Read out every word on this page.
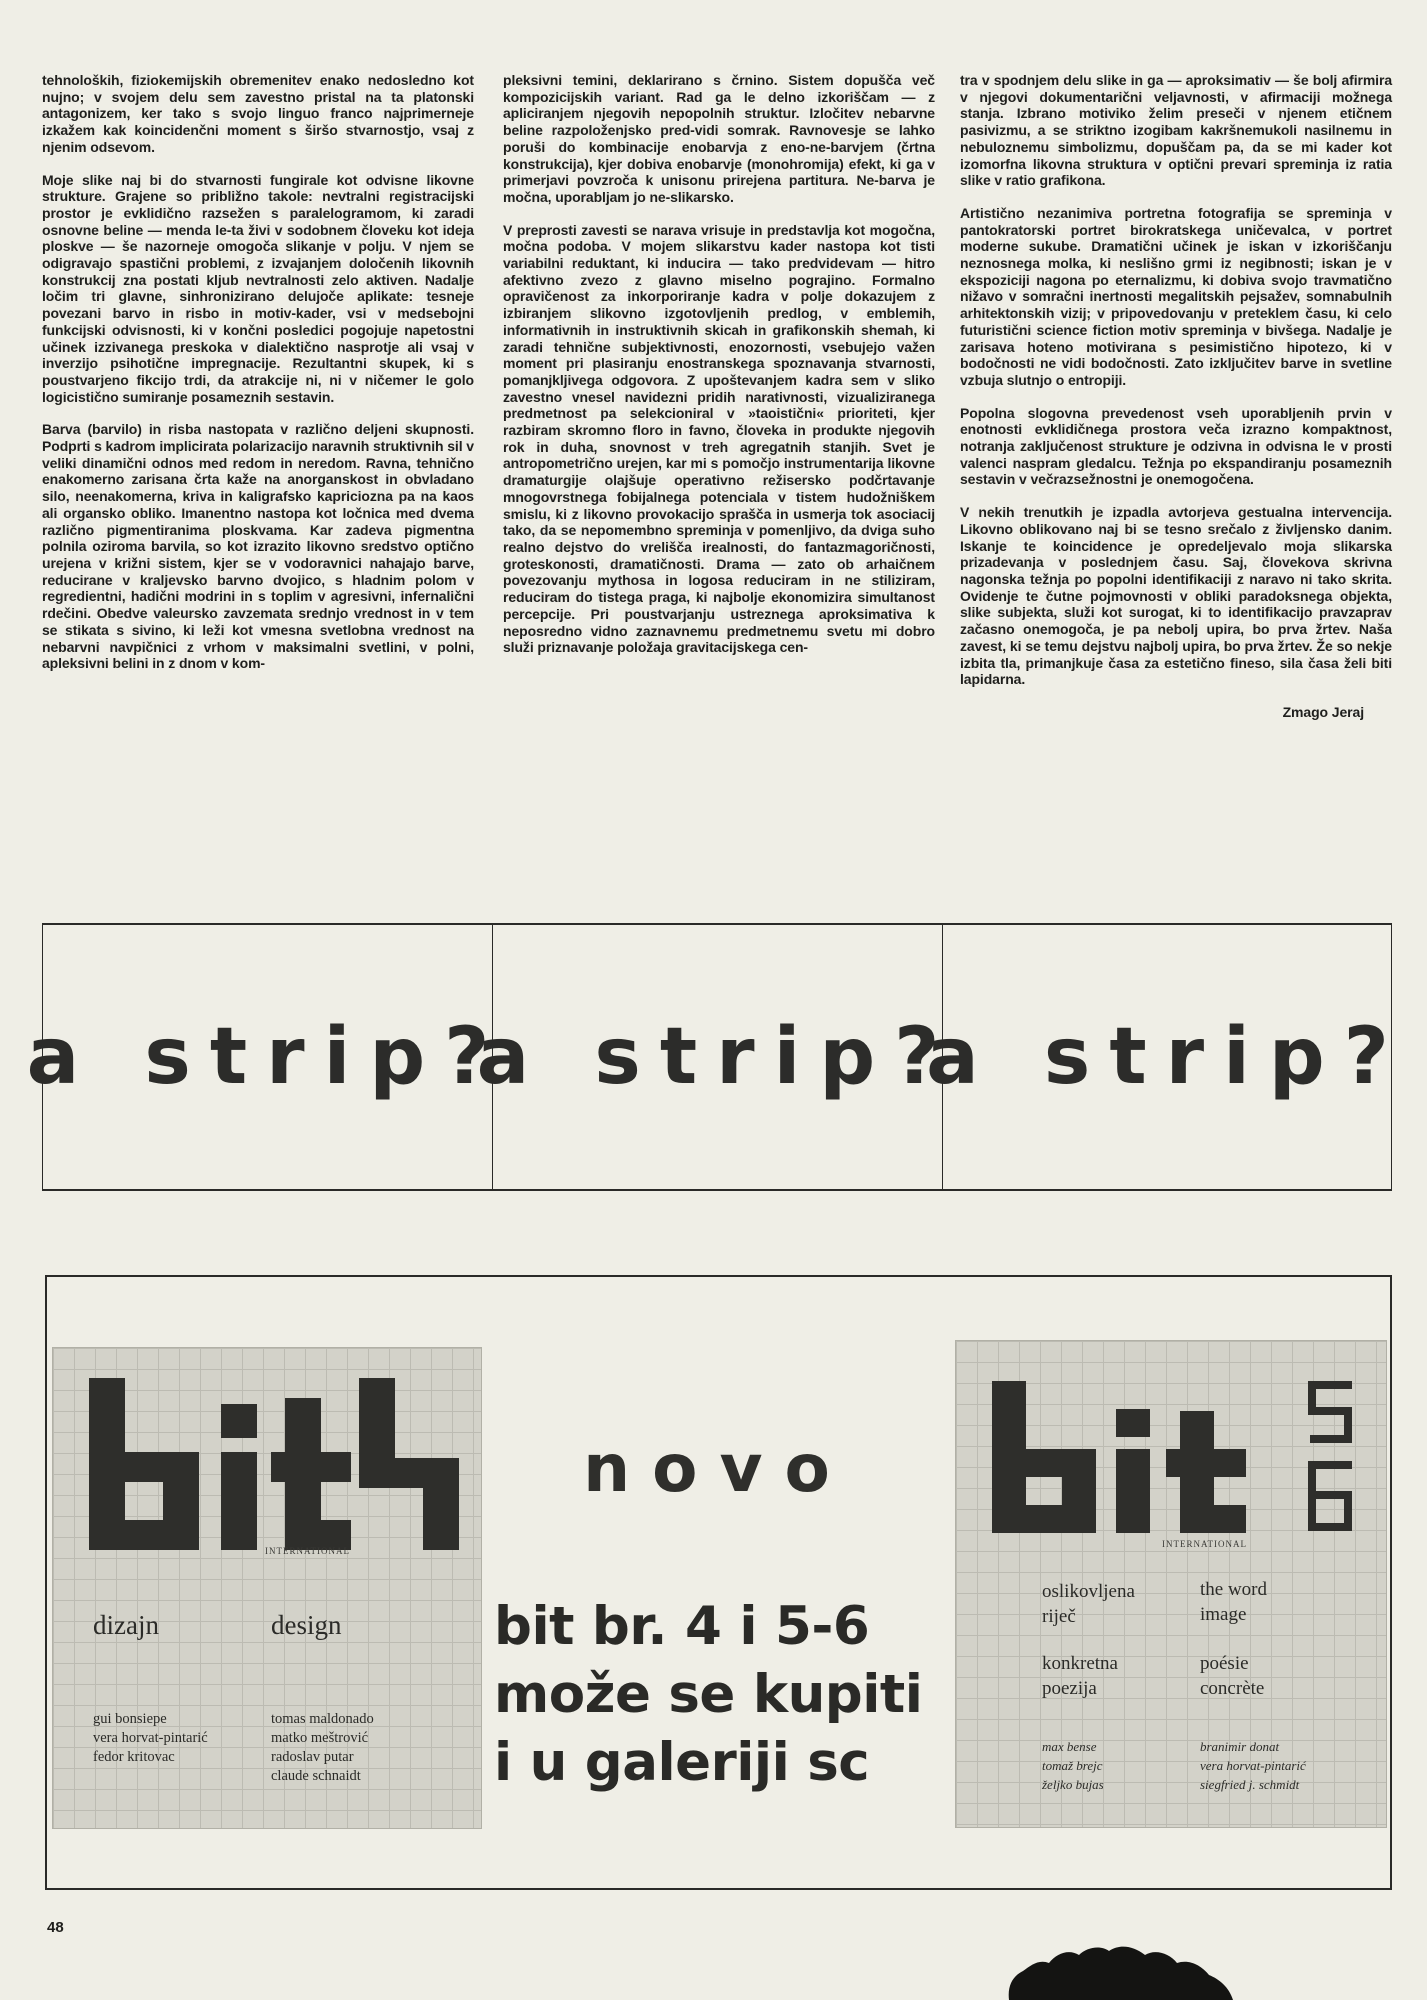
tehnoloških, fiziokemijskih obremenitev enako nedosledno kot nujno; v svojem delu sem zavestno pristal na ta platonski antagonizem, ker tako s svojo linguo franco najprimerneje izkažem kak koincidenčni moment s širšo stvarnostjo, vsaj z njenim odsevom.

Moje slike naj bi do stvarnosti fungirale kot odvisne likovne strukture. Grajene so približno takole: nevtralni registracijski prostor je evklidično razsežen s paralelogramom, ki zaradi osnovne beline — menda le-ta živi v sodobnem človeku kot ideja ploskve — še nazorneje omogoča slikanje v polju. V njem se odigravajo spastični problemi, z izvajanjem določenih likovnih konstrukcij zna postati kljub nevtralnosti zelo aktiven. Nadalje ločim tri glavne, sinhronizirano delujoče aplikate: tesneje povezani barvo in risbo in motiv-kader, vsi v medsebojni funkcijski odvisnosti, ki v končni posledici pogojuje napetostni učinek izzivanega preskoka v dialektično nasprotje ali vsaj v inverzijo psihotične impregnacije. Rezultantni skupek, ki s poustvarjeno fikcijo trdi, da atrakcije ni, ni v ničemer le golo logicistično sumiranje posameznih sestavin.

Barva (barvilo) in risba nastopata v različno deljeni skupnosti. Podprti s kadrom implicirata polarizacijo naravnih struktivnih sil v veliki dinamični odnos med redom in neredom. Ravna, tehnično enakomerno zarisana črta kaže na anorganskost in obvladano silo, neenakomerna, kriva in kaligrafsko kapriciozna pa na kaos ali organsko obliko. Imanentno nastopa kot ločnica med dvema različno pigmentiranima ploskvama. Kar zadeva pigmentna polnila oziroma barvila, so kot izrazito likovno sredstvo optično urejena v križni sistem, kjer se v vodoravnici nahajajo barve, reducirane v kraljevsko barvno dvojico, s hladnim polom v regredientni, hadični modrini in s toplim v agresivni, infernalični rdečini. Obedve valeursko zavzemata srednjo vrednost in v tem se stikata s sivino, ki leži kot vmesna svetlobna vrednost na nebarvni navpičnici z vrhom v maksimalni svetlini, v polni, apleksivni belini in z dnom v kom-

pleksivni temini, deklarirano s črnino. Sistem dopušča več kompozicijskih variant. Rad ga le delno izkoriščam — z apliciranjem njegovih nepopolnih struktur. Izločitev nebarvne beline razpoloženjsko pred-vidi somrak. Ravnovesje se lahko poruši do kombinacije enobarvja z eno-ne-barvjem (črtna konstrukcija), kjer dobiva enobarvje (monohromija) efekt, ki ga v primerjavi povzroča k unisonu prirejena partitura. Ne-barva je močna, uporabljam jo ne-slikarsko.

V preprosti zavesti se narava vrisuje in predstavlja kot mogočna, močna podoba. V mojem slikarstvu kader nastopa kot tisti variabilni reduktant, ki inducira — tako predvidevam — hitro afektivno zvezo z glavno miselno pograjino. Formalno opravičenost za inkorporiranje kadra v polje dokazujem z izbiranjem slikovno izgotovljenih predlog, v emblemih, informativnih in instruktivnih skicah in grafikonskih shemah, ki zaradi tehnične subjektivnosti, enozornosti, vsebujejo važen moment pri plasiranju enostranskega spoznavanja stvarnosti, pomanjkljivega odgovora. Z upoštevanjem kadra sem v sliko zavestno vnesel navidezni pridih narativnosti, vizualiziranega predmetnost pa selekcioniral v »taoistični« prioriteti, kjer razbiram skromno floro in favno, človeka in produkte njegovih rok in duha, snovnost v treh agregatnih stanjih. Svet je antropometrično urejen, kar mi s pomočjo instrumentarija likovne dramaturgije olajšuje operativno režisersko podčrtavanje mnogovrstnega fobijalnega potenciala v tistem hudožniškem smislu, ki z likovno provokacijo sprašča in usmerja tok asociacij tako, da se nepomembno spreminja v pomenljivo, da dviga suho realno dejstvo do vrelišča irealnosti, do fantazmagoričnosti, groteskonosti, dramatičnosti. Drama — zato ob arhaičnem povezovanju mythosa in logosa reduciram in ne stiliziram, reduciram do tistega praga, ki najbolje ekonomizira simultanost percepcije. Pri poustvarjanju ustreznega aproksimativa k neposredno vidno zaznavnemu predmetnemu svetu mi dobro služi priznavanje položaja gravitacijskega cen-

tra v spodnjem delu slike in ga — aproksimativ — še bolj afirmira v njegovi dokumentarični veljavnosti, v afirmaciji možnega stanja. Izbrano motiviko želim preseči v njenem etičnem pasivizmu, a se striktno izogibam kakršnemukoli nasilnemu in nebuloznemu simbolizmu, dopuščam pa, da se mi kader kot izomorfna likovna struktura v optični prevari spreminja iz ratia slike v ratio grafikona.

Artistično nezanimiva portretna fotografija se spreminja v pantokratorski portret birokratskega uničevalca, v portret moderne sukube. Dramatični učinek je iskan v izkoriščanju neznosnega molka, ki neslišno grmi iz negibnosti; iskan je v ekspoziciji nagona po eternalizmu, ki dobiva svojo travmatično nižavo v somračni inertnosti megalitskih pejsažev, somnabulnih arhitektonskih vizij; v pripovedovanju v preteklem času, ki celo futuristični science fiction motiv spreminja v bivšega. Nadalje je zarisava hoteno motivirana s pesimistično hipotezo, ki v bodočnosti ne vidi bodočnosti. Zato izključitev barve in svetline vzbuja slutnjo o entropiji.

Popolna slogovna prevedenost vseh uporabljenih prvin v enotnosti evklidičnega prostora veča izrazno kompaktnost, notranja zaključenost strukture je odzivna in odvisna le v prosti valenci naspram gledalcu. Težnja po ekspandiranju posameznih sestavin v večrazsežnostni je onemogočena.

V nekih trenutkih je izpadla avtorjeva gestualna intervencija. Likovno oblikovano naj bi se tesno srečalo z življensko danim. Iskanje te koincidence je opredeljevalo moja slikarska prizadevanja v poslednjem času. Saj, človekova skrivna nagonska težnja po popolni identifikaciji z naravo ni tako skrita. Ovidenje te čutne pojmovnosti v obliki paradoksnega objekta, slike subjekta, služi kot surogat, ki to identifikacijo pravzaprav začasno onemogoča, je pa nebolj upira, bo prva žrtev. Naša zavest, ki se temu dejstvu najbolj upira, bo prva žrtev. Že so nekje izbita tla, primanjkuje časa za estetično fineso, sila časa želi biti lapidarna.

Zmago Jeraj
a strip?
a strip?
a strip?
INTERNATIONAL
dizajn	design
gui bonsiepe
vera horvat-pintarić
fedor kritovac
tomas maldonado
matko meštrović
radoslav putar
claude schnaidt
novo
bit br. 4 i 5-6
može se kupiti
i u galeriji sc
INTERNATIONAL
oslikovljena
riječ
the word
image
konkretna
poezija
poésie
concrète
max bense
tomaž brejc
željko bujas
branimir donat
vera horvat-pintarić
siegfried j. schmidt
48
